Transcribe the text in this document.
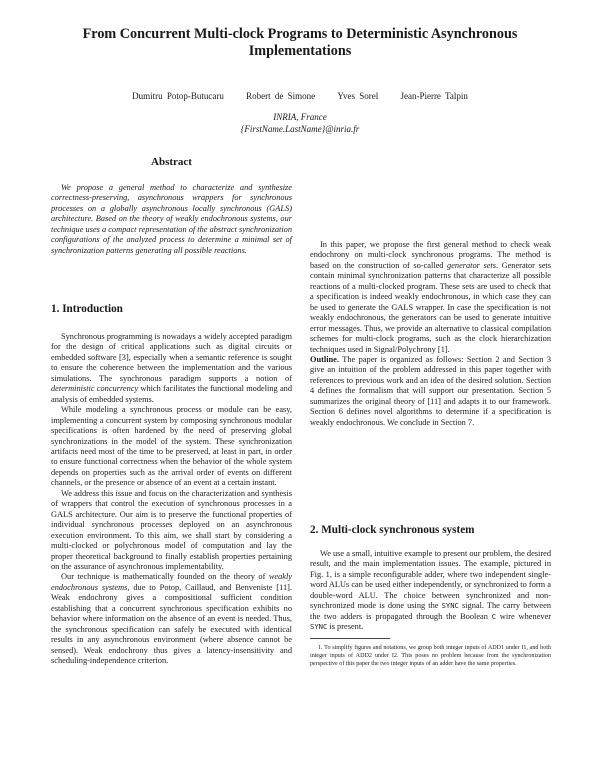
From Concurrent Multi-clock Programs to Deterministic Asynchronous
Implementations
Dumitru Potop-Butucaru Robert de Simone Yves Sorel Jean-Pierre Talpin
INRIA, France
{FirstName.LastName}@inria.fr
Abstract

We propose a general method to characterize and synthesize correctness-preserving, asynchronous wrappers for synchronous processes on a globally asynchronous locally synchronous (GALS) architecture. Based on the theory of weakly endochronous systems, our technique uses a compact representation of the abstract synchronization configurations of the analyzed process to determine a minimal set of synchronization patterns generating all possible reactions.

1. Introduction

Synchronous programming is nowadays a widely accepted paradigm for the design of critical applications such as digital circuits or embedded software [3], especially when a semantic reference is sought to ensure the coherence between the implementation and the various simulations. The synchronous paradigm supports a notion of deterministic concurrency which facilitates the functional modeling and analysis of embedded systems.

While modeling a synchronous process or module can be easy, implementing a concurrent system by composing synchronous modular specifications is often hardened by the need of preserving global synchronizations in the model of the system. These synchronization artifacts need most of the time to be preserved, at least in part, in order to ensure functional correctness when the behavior of the whole system depends on properties such as the arrival order of events on different channels, or the presence or absence of an event at a certain instant.

We address this issue and focus on the characterization and synthesis of wrappers that control the execution of synchronous processes in a GALS architecture. Our aim is to preserve the functional properties of individual synchronous processes deployed on an asynchronous execution environment. To this aim, we shall start by considering a multi-clocked or polychronous model of computation and lay the proper theoretical background to finally establish properties pertaining on the assurance of asynchronous implementability.

Our technique is mathematically founded on the theory of weakly endochronous systems, due to Potop, Caillaud, and Benveniste [11]. Weak endochrony gives a compositional sufficient condition establishing that a concurrent synchronous specification exhibits no behavior where information on the absence of an event is needed. Thus, the synchronous specification can safely be executed with identical results in any asynchronous environment (where absence cannot be sensed). Weak endochrony thus gives a latency-insensitivity and scheduling-independence criterion.

In this paper, we propose the first general method to check weak endochrony on multi-clock synchronous programs. The method is based on the construction of so-called generator sets. Generator sets contain minimal synchronization patterns that characterize all possible reactions of a multi-clocked program. These sets are used to check that a specification is indeed weakly endochronous, in which case they can be used to generate the GALS wrapper. In case the specification is not weakly endochronous, the generators can be used to generate intuitive error messages. Thus, we provide an alternative to classical compilation schemes for multi-clock programs, such as the clock hierarchization techniques used in Signal/Polychrony [1].

Outline. The paper is organized as follows: Section 2 and Section 3 give an intuition of the problem addressed in this paper together with references to previous work and an idea of the desired solution. Section 4 defines the formalism that will support our presentation. Section 5 summarizes the original theory of [11] and adapts it to our framework. Section 6 defines novel algorithms to determine if a specification is weakly endochronous. We conclude in Section 7.

2. Multi-clock synchronous system

We use a small, intuitive example to present our problem, the desired result, and the main implementation issues. The example, pictured in Fig. 1, is a simple reconfigurable adder, where two independent single-word ALUs can be used either independently, or synchronized to form a double-word ALU. The choice between synchronized and non-synchronized mode is done using the SYNC signal. The carry between the two adders is propagated through the Boolean C wire whenever SYNC is present.

1. To simplify figures and notations, we group both integer inputs of ADD1 under I1, and both integer inputs of ADD2 under I2. This poses no problem because from the synchronization perspective of this paper the two integer inputs of an adder have the same properties.
